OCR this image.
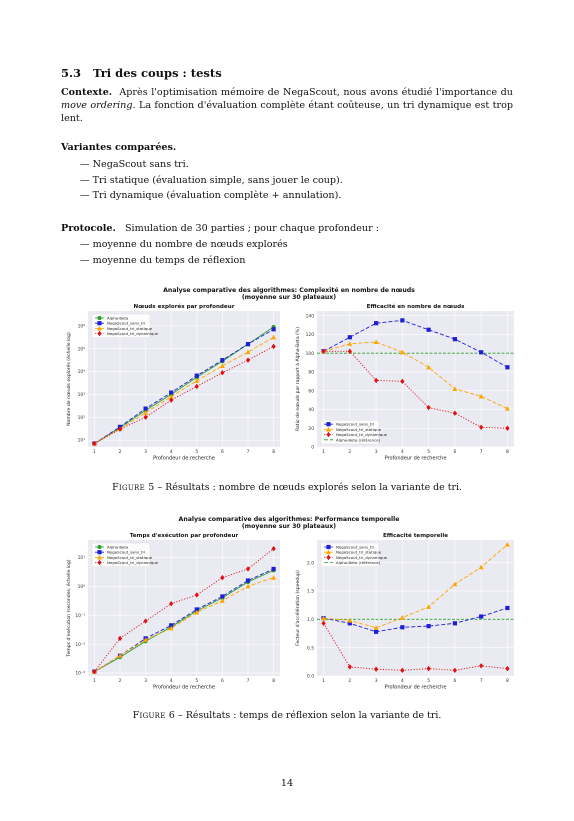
5.3 Tri des coups : tests

Contexte. Après l'optimisation mémoire de NegaScout, nous avons étudié l'importance du move ordering. La fonction d'évaluation complète étant coûteuse, un tri dynamique est trop lent.

Variantes comparées.

— NegaScout sans tri.
— Tri statique (évaluation simple, sans jouer le coup).
— Tri dynamique (évaluation complète + annulation).

Protocole. Simulation de 30 parties ; pour chaque profondeur :

— moyenne du nombre de nœuds explorés
— moyenne du temps de réflexion
Analyse comparative des algorithmes: Complexité en nombre de nœuds
(moyenne sur 30 plateaux)
Nœuds explorés par profondeur
10¹
10²
10³
10⁴
10⁵
10⁶
1	2	3	4	5	6	7	8
Profondeur de recherche
Nombre de nœuds explorés (échelle log)
Alpha-Beta
NegaScout_sans_tri
NegaScout_tri_statique
NegaScout_tri_dynamique
Efficacité en nombre de nœuds
0
20
40
60
80
100
120
140
1	2	3	4	5	6	7	8
Profondeur de recherche
Ratio de nœuds par rapport à Alpha-Beta (%)	NegaScout_sans_tri
NegaScout_tri_statique
NegaScout_tri_dynamique
Alpha-Beta (référence)
Figure 5 – Résultats : nombre de nœuds explorés selon la variante de tri.
Analyse comparative des algorithmes: Performance temporelle
(moyenne sur 30 plateaux)
Temps d'exécution par profondeur
10⁻³
10⁻²
10⁻¹
10⁰
10¹
1	2	3	4	5	6	7	8
Profondeur de recherche
Temps d'exécution (secondes, échelle log)
Alpha-Beta
NegaScout_sans_tri
NegaScout_tri_statique
NegaScout_tri_dynamique
Efficacité temporelle
0.0
0.5
1.0
1.5
2.0
1	2	3	4	5	6	7	8
Profondeur de recherche
Facteur d'accélération (speedup)
NegaScout_sans_tri
NegaScout_tri_statique
NegaScout_tri_dynamique
Alpha-Beta (référence)
Figure 6 – Résultats : temps de réflexion selon la variante de tri.
14
